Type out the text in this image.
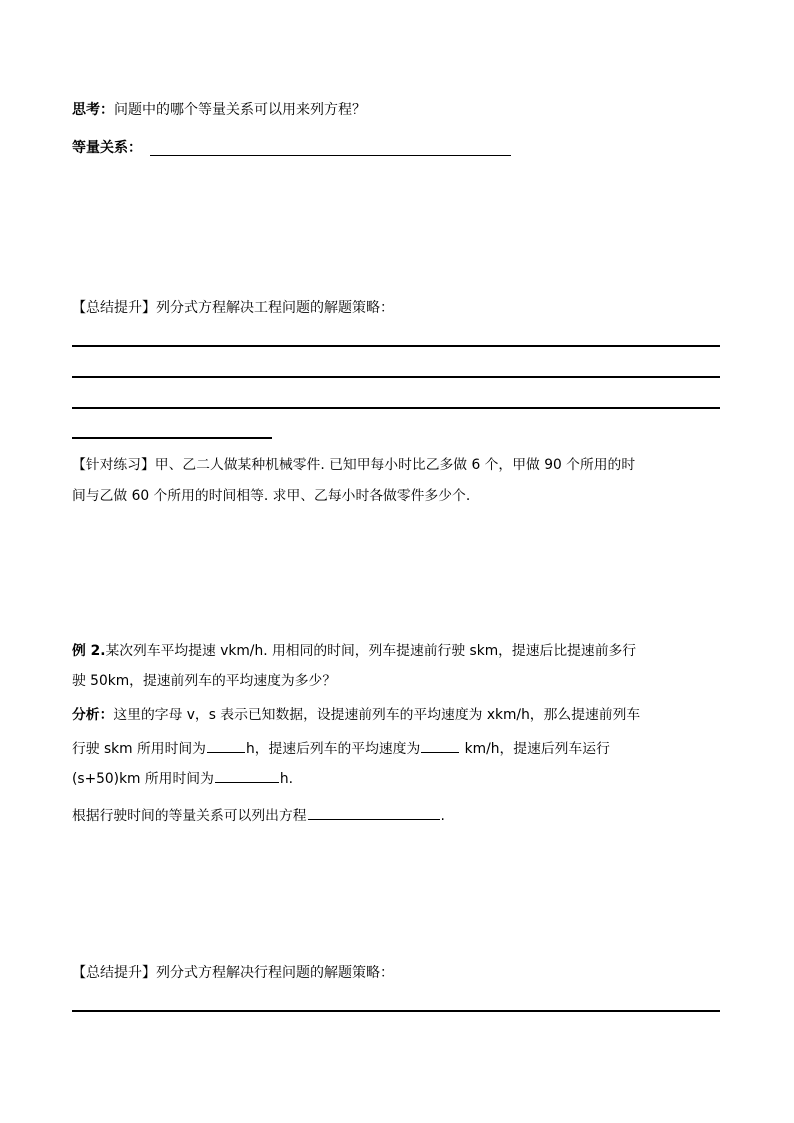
思考：问题中的哪个等量关系可以用来列方程？
等量关系：
【总结提升】列分式方程解决工程问题的解题策略：
【针对练习】甲、乙二人做某种机械零件. 已知甲每小时比乙多做 6 个，甲做 90 个所用的时
间与乙做 60 个所用的时间相等. 求甲、乙每小时各做零件多少个.
例 2.某次列车平均提速 vkm/h. 用相同的时间，列车提速前行驶 skm，提速后比提速前多行
驶 50km，提速前列车的平均速度为多少？
分析：这里的字母 v，s 表示已知数据，设提速前列车的平均速度为 xkm/h，那么提速前列车
行驶 skm 所用时间为	h，提速后列车的平均速度为	km/h，提速后列车运行
(s+50)km 所用时间为	h.
根据行驶时间的等量关系可以列出方程	.
【总结提升】列分式方程解决行程问题的解题策略：
